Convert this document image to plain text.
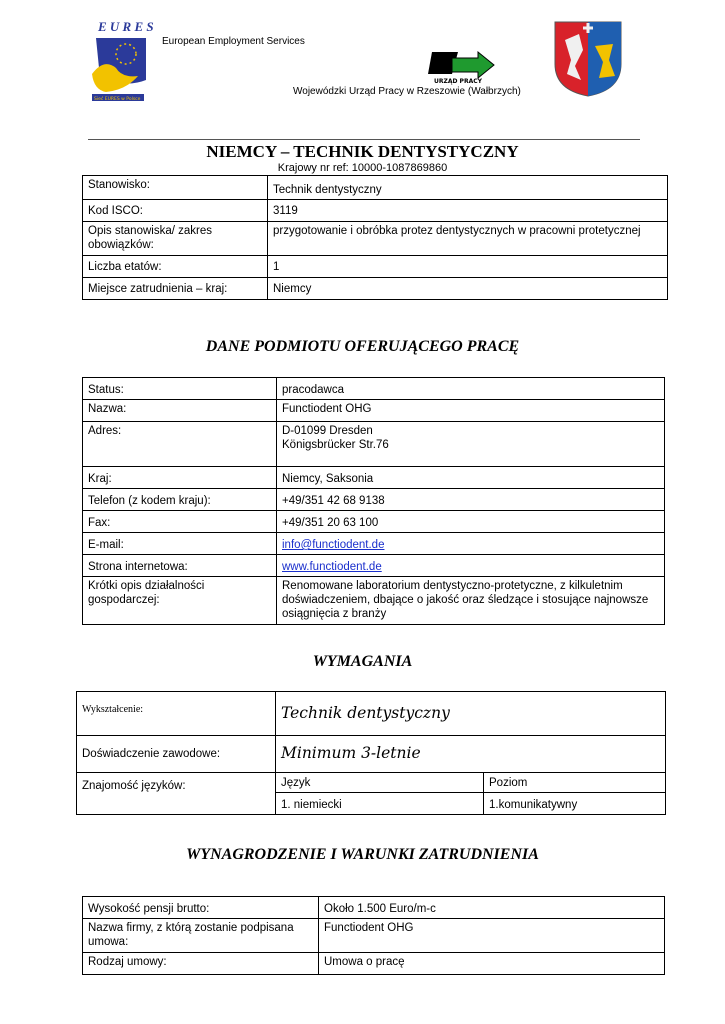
E U R E S
Sieć EURES w Polsce
European Employment Services
URZĄD PRACY
Wojewódzki Urząd Pracy w Rzeszowie (Wałbrzych)
NIEMCY – TECHNIK DENTYSTYCZNY
Krajowy nr ref: 10000-1087869860
Stanowisko:	Technik dentystyczny
Kod ISCO:	3119
Opis stanowiska/ zakres obowiązków:	przygotowanie i obróbka protez dentystycznych w pracowni protetycznej
Liczba etatów:	1
Miejsce zatrudnienia – kraj:	Niemcy
DANE PODMIOTU OFERUJĄCEGO PRACĘ
Status:	pracodawca
Nazwa:	Functiodent OHG
Adres:	D-01099 Dresden
Königsbrücker Str.76

Kraj:	Niemcy, Saksonia
Telefon (z kodem kraju):	+49/351 42 68 9138
Fax:	+49/351 20 63 100
E-mail:	info@functiodent.de
Strona internetowa:	www.functiodent.de
Krótki opis działalności gospodarczej:	Renomowane laboratorium dentystyczno-protetyczne, z kilkuletnim doświadczeniem, dbające o jakość oraz śledzące i stosujące najnowsze osiągnięcia z branży
WYMAGANIA
Wykształcenie:	Technik dentystyczny	
Doświadczenie zawodowe:	Minimum 3-letnie	
Znajomość języków:	Język	Poziom
	1. niemiecki	1.komunikatywny
WYNAGRODZENIE I WARUNKI ZATRUDNIENIA
Wysokość pensji brutto:	Około 1.500 Euro/m-c
Nazwa firmy, z którą zostanie podpisana umowa:	Functiodent OHG
Rodzaj umowy:	Umowa o pracę
